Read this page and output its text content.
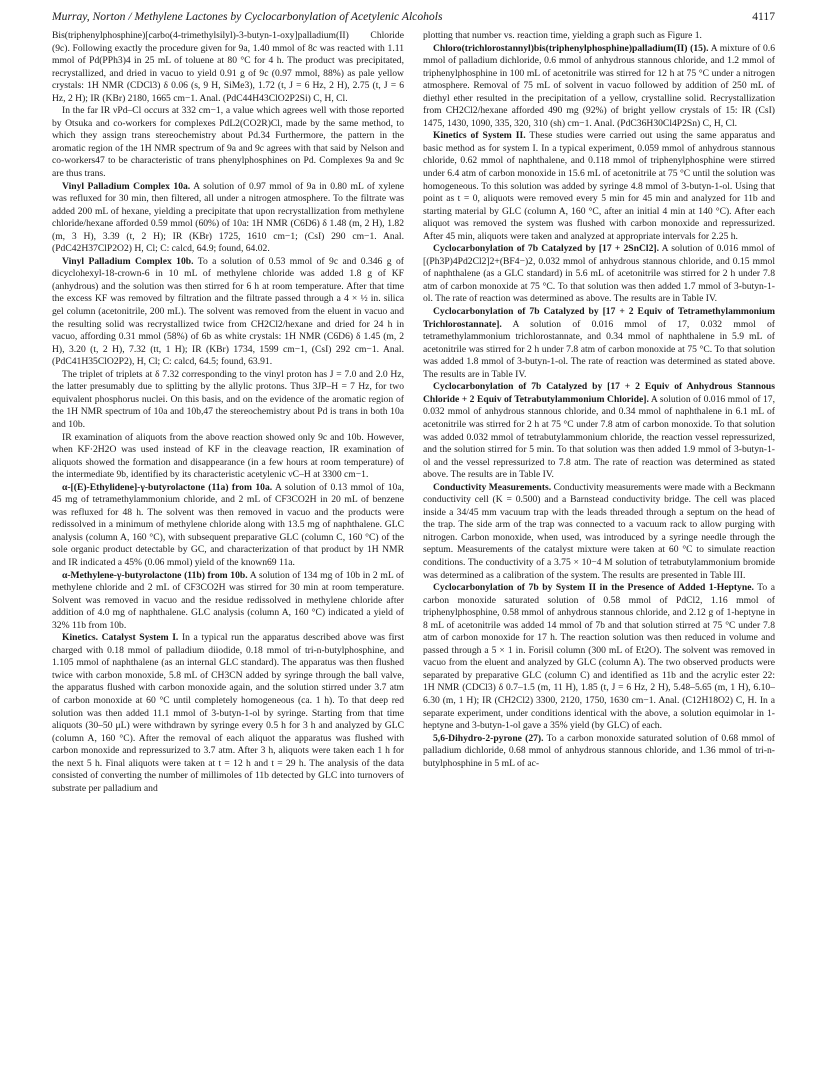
Murray, Norton / Methylene Lactones by Cyclocarbonylation of Acetylenic Alcohols	4117

Bis(triphenylphosphine)[carbo(4-trimethylsilyl)-3-butyn-1-oxy]palladium(II) Chloride (9c). Following exactly the procedure given for 9a, 1.40 mmol of 8c was reacted with 1.11 mmol of Pd(PPh3)4 in 25 mL of toluene at 80 °C for 4 h. The product was precipitated, recrystallized, and dried in vacuo to yield 0.91 g of 9c (0.97 mmol, 88%) as pale yellow crystals: 1H NMR (CDCl3) δ 0.06 (s, 9 H, SiMe3), 1.72 (t, J = 6 Hz, 2 H), 2.75 (t, J = 6 Hz, 2 H); IR (KBr) 2180, 1665 cm−1. Anal. (PdC44H43ClO2P2Si) C, H, Cl.

In the far IR νPd–Cl occurs at 332 cm−1, a value which agrees well with those reported by Otsuka and co-workers for complexes PdL2(CO2R)Cl, made by the same method, to which they assign trans stereochemistry about Pd.34 Furthermore, the pattern in the aromatic region of the 1H NMR spectrum of 9a and 9c agrees with that said by Nelson and co-workers47 to be characteristic of trans phenylphosphines on Pd. Complexes 9a and 9c are thus trans.

Vinyl Palladium Complex 10a. A solution of 0.97 mmol of 9a in 0.80 mL of xylene was refluxed for 30 min, then filtered, all under a nitrogen atmosphere. To the filtrate was added 200 mL of hexane, yielding a precipitate that upon recrystallization from methylene chloride/hexane afforded 0.59 mmol (60%) of 10a: 1H NMR (C6D6) δ 1.48 (m, 2 H), 1.82 (m, 3 H), 3.39 (t, 2 H); IR (KBr) 1725, 1610 cm−1; (CsI) 290 cm−1. Anal. (PdC42H37ClP2O2) H, Cl; C: calcd, 64.9; found, 64.02.

Vinyl Palladium Complex 10b. To a solution of 0.53 mmol of 9c and 0.346 g of dicyclohexyl-18-crown-6 in 10 mL of methylene chloride was added 1.8 g of KF (anhydrous) and the solution was then stirred for 6 h at room temperature. After that time the excess KF was removed by filtration and the filtrate passed through a 4 × ½ in. silica gel column (acetonitrile, 200 mL). The solvent was removed from the eluent in vacuo and the resulting solid was recrystallized twice from CH2Cl2/hexane and dried for 24 h in vacuo, affording 0.31 mmol (58%) of 6b as white crystals: 1H NMR (C6D6) δ 1.45 (m, 2 H), 3.20 (t, 2 H), 7.32 (tt, 1 H); IR (KBr) 1734, 1599 cm−1, (CsI) 292 cm−1. Anal. (PdC41H35ClO2P2), H, Cl; C: calcd, 64.5; found, 63.91.

The triplet of triplets at δ 7.32 corresponding to the vinyl proton has J = 7.0 and 2.0 Hz, the latter presumably due to splitting by the allylic protons. Thus 3JP–H = 7 Hz, for two equivalent phosphorus nuclei. On this basis, and on the evidence of the aromatic region of the 1H NMR spectrum of 10a and 10b,47 the stereochemistry about Pd is trans in both 10a and 10b.

IR examination of aliquots from the above reaction showed only 9c and 10b. However, when KF·2H2O was used instead of KF in the cleavage reaction, IR examination of aliquots showed the formation and disappearance (in a few hours at room temperature) of the intermediate 9b, identified by its characteristic acetylenic νC–H at 3300 cm−1.

α-[(E)-Ethylidene]-γ-butyrolactone (11a) from 10a. A solution of 0.13 mmol of 10a, 45 mg of tetramethylammonium chloride, and 2 mL of CF3CO2H in 20 mL of benzene was refluxed for 48 h. The solvent was then removed in vacuo and the products were redissolved in a minimum of methylene chloride along with 13.5 mg of naphthalene. GLC analysis (column A, 160 °C), with subsequent preparative GLC (column C, 160 °C) of the sole organic product detectable by GC, and characterization of that product by 1H NMR and IR indicated a 45% (0.06 mmol) yield of the known69 11a.

α-Methylene-γ-butyrolactone (11b) from 10b. A solution of 134 mg of 10b in 2 mL of methylene chloride and 2 mL of CF3CO2H was stirred for 30 min at room temperature. Solvent was removed in vacuo and the residue redissolved in methylene chloride after addition of 4.0 mg of naphthalene. GLC analysis (column A, 160 °C) indicated a yield of 32% 11b from 10b.

Kinetics. Catalyst System I. In a typical run the apparatus described above was first charged with 0.18 mmol of palladium diiodide, 0.18 mmol of tri-n-butylphosphine, and 1.105 mmol of naphthalene (as an internal GLC standard). The apparatus was then flushed twice with carbon monoxide, 5.8 mL of CH3CN added by syringe through the ball valve, the apparatus flushed with carbon monoxide again, and the solution stirred under 3.7 atm of carbon monoxide at 60 °C until completely homogeneous (ca. 1 h). To that deep red solution was then added 11.1 mmol of 3-butyn-1-ol by syringe. Starting from that time aliquots (30–50 μL) were withdrawn by syringe every 0.5 h for 3 h and analyzed by GLC (column A, 160 °C). After the removal of each aliquot the apparatus was flushed with carbon monoxide and repressurized to 3.7 atm. After 3 h, aliquots were taken each 1 h for the next 5 h. Final aliquots were taken at t = 12 h and t = 29 h. The analysis of the data consisted of converting the number of millimoles of 11b detected by GLC into turnovers of substrate per palladium and

plotting that number vs. reaction time, yielding a graph such as Figure 1.

Chloro(trichlorostannyl)bis(triphenylphosphine)palladium(II) (15). A mixture of 0.6 mmol of palladium dichloride, 0.6 mmol of anhydrous stannous chloride, and 1.2 mmol of triphenylphosphine in 100 mL of acetonitrile was stirred for 12 h at 75 °C under a nitrogen atmosphere. Removal of 75 mL of solvent in vacuo followed by addition of 250 mL of diethyl ether resulted in the precipitation of a yellow, crystalline solid. Recrystallization from CH2Cl2/hexane afforded 490 mg (92%) of bright yellow crystals of 15: IR (CsI) 1475, 1430, 1090, 335, 320, 310 (sh) cm−1. Anal. (PdC36H30Cl4P2Sn) C, H, Cl.

Kinetics of System II. These studies were carried out using the same apparatus and basic method as for system I. In a typical experiment, 0.059 mmol of anhydrous stannous chloride, 0.62 mmol of naphthalene, and 0.118 mmol of triphenylphosphine were stirred under 6.4 atm of carbon monoxide in 15.6 mL of acetonitrile at 75 °C until the solution was homogeneous. To this solution was added by syringe 4.8 mmol of 3-butyn-1-ol. Using that point as t = 0, aliquots were removed every 5 min for 45 min and analyzed for 11b and starting material by GLC (column A, 160 °C, after an initial 4 min at 140 °C). After each aliquot was removed the system was flushed with carbon monoxide and repressurized. After 45 min, aliquots were taken and analyzed at appropriate intervals for 2.25 h.

Cyclocarbonylation of 7b Catalyzed by [17 + 2SnCl2]. A solution of 0.016 mmol of [(Ph3P)4Pd2Cl2]2+(BF4−)2, 0.032 mmol of anhydrous stannous chloride, and 0.15 mmol of naphthalene (as a GLC standard) in 5.6 mL of acetonitrile was stirred for 2 h under 7.8 atm of carbon monoxide at 75 °C. To that solution was then added 1.7 mmol of 3-butyn-1-ol. The rate of reaction was determined as above. The results are in Table IV.

Cyclocarbonylation of 7b Catalyzed by [17 + 2 Equiv of Tetramethylammonium Trichlorostannate]. A solution of 0.016 mmol of 17, 0.032 mmol of tetramethylammonium trichlorostannate, and 0.34 mmol of naphthalene in 5.9 mL of acetonitrile was stirred for 2 h under 7.8 atm of carbon monoxide at 75 °C. To that solution was added 1.8 mmol of 3-butyn-1-ol. The rate of reaction was determined as stated above. The results are in Table IV.

Cyclocarbonylation of 7b Catalyzed by [17 + 2 Equiv of Anhydrous Stannous Chloride + 2 Equiv of Tetrabutylammonium Chloride]. A solution of 0.016 mmol of 17, 0.032 mmol of anhydrous stannous chloride, and 0.34 mmol of naphthalene in 6.1 mL of acetonitrile was stirred for 2 h at 75 °C under 7.8 atm of carbon monoxide. To that solution was added 0.032 mmol of tetrabutylammonium chloride, the reaction vessel repressurized, and the solution stirred for 5 min. To that solution was then added 1.9 mmol of 3-butyn-1-ol and the vessel repressurized to 7.8 atm. The rate of reaction was determined as stated above. The results are in Table IV.

Conductivity Measurements. Conductivity measurements were made with a Beckmann conductivity cell (K = 0.500) and a Barnstead conductivity bridge. The cell was placed inside a 34/45 mm vacuum trap with the leads threaded through a septum on the head of the trap. The side arm of the trap was connected to a vacuum rack to allow purging with nitrogen. Carbon monoxide, when used, was introduced by a syringe needle through the septum. Measurements of the catalyst mixture were taken at 60 °C to simulate reaction conditions. The conductivity of a 3.75 × 10−4 M solution of tetrabutylammonium bromide was determined as a calibration of the system. The results are presented in Table III.

Cyclocarbonylation of 7b by System II in the Presence of Added 1-Heptyne. To a carbon monoxide saturated solution of 0.58 mmol of PdCl2, 1.16 mmol of triphenylphosphine, 0.58 mmol of anhydrous stannous chloride, and 2.12 g of 1-heptyne in 8 mL of acetonitrile was added 14 mmol of 7b and that solution stirred at 75 °C under 7.8 atm of carbon monoxide for 17 h. The reaction solution was then reduced in volume and passed through a 5 × 1 in. Forisil column (300 mL of Et2O). The solvent was removed in vacuo from the eluent and analyzed by GLC (column A). The two observed products were separated by preparative GLC (column C) and identified as 11b and the acrylic ester 22: 1H NMR (CDCl3) δ 0.7–1.5 (m, 11 H), 1.85 (t, J = 6 Hz, 2 H), 5.48–5.65 (m, 1 H), 6.10–6.30 (m, 1 H); IR (CH2Cl2) 3300, 2120, 1750, 1630 cm−1. Anal. (C12H18O2) C, H. In a separate experiment, under conditions identical with the above, a solution equimolar in 1-heptyne and 3-butyn-1-ol gave a 35% yield (by GLC) of each.

5,6-Dihydro-2-pyrone (27). To a carbon monoxide saturated solution of 0.68 mmol of palladium dichloride, 0.68 mmol of anhydrous stannous chloride, and 1.36 mmol of tri-n-butylphosphine in 5 mL of ac-
